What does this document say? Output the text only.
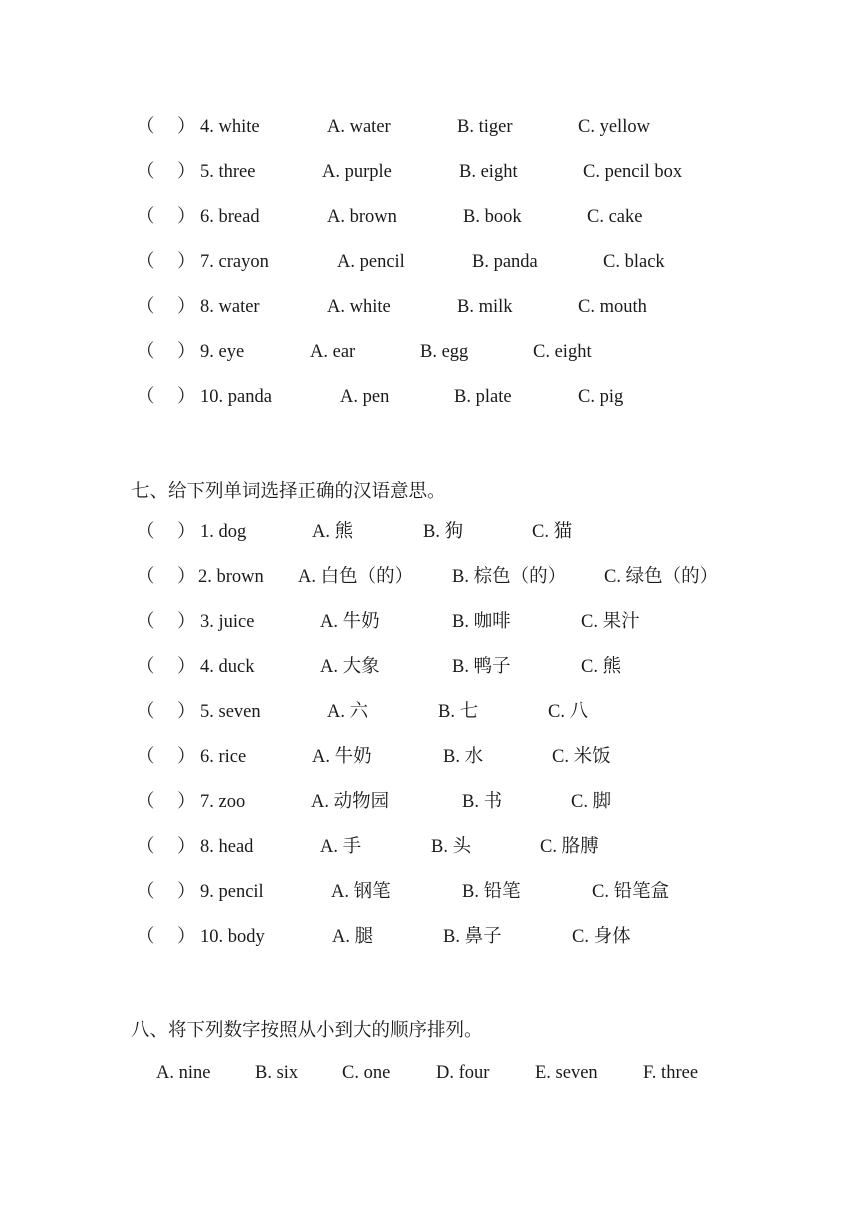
（ ） 4. white	A. water	B. tiger	C. yellow
（ ） 5. three	A. purple	B. eight	C. pencil box
（ ） 6. bread	A. brown	B. book	C. cake
（ ） 7. crayon	A. pencil	B. panda	C. black
（ ） 8. water	A. white	B. milk	C. mouth
（ ） 9. eye	A. ear	B. egg	C. eight
（ ） 10. panda	A. pen	B. plate	C. pig
七、给下列单词选择正确的汉语意思。
（ ） 1. dog	A. 熊	B. 狗	C. 猫
（ ） 2. brown A. 白色（的） B. 棕色（的） C. 绿色（的）
（ ） 3. juice	A. 牛奶	B. 咖啡	C. 果汁
（ ） 4. duck	A. 大象	B. 鸭子	C. 熊
（ ） 5. seven	A. 六	B. 七	C. 八
（ ） 6. rice	A. 牛奶	B. 水	C. 米饭
（ ） 7. zoo	A. 动物园	B. 书	C. 脚
（ ） 8. head	A. 手	B. 头	C. 胳膊
（ ） 9. pencil	A. 钢笔	B. 铅笔	C. 铅笔盒
（ ） 10. body	A. 腿	B. 鼻子	C. 身体
八、将下列数字按照从小到大的顺序排列。
A. nine B. six C. one D. four E. seven F. three
